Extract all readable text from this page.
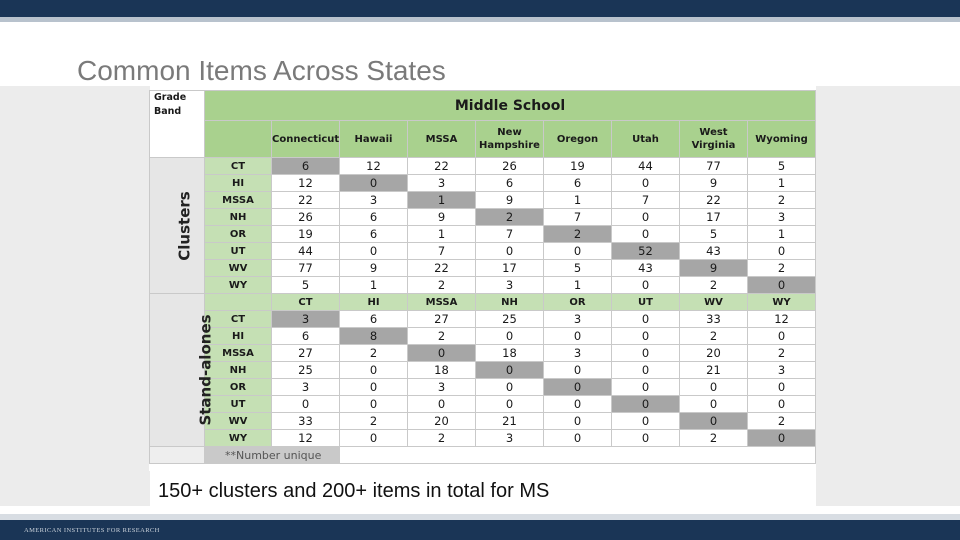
Common Items Across States
Grade Band	Middle School								
		Connecticut	Hawaii	MSSA	New Hampshire	Oregon	Utah	West Virginia	Wyoming
Clusters	CT	6	12	22	26	19	44	77	5
	HI	12	0	3	6	6	0	9	1
	MSSA	22	3	1	9	1	7	22	2
	NH	26	6	9	2	7	0	17	3
	OR	19	6	1	7	2	0	5	1
	UT	44	0	7	0	0	52	43	0
	WV	77	9	22	17	5	43	9	2
	WY	5	1	2	3	1	0	2	0
Stand-alones		CT	HI	MSSA	NH	OR	UT	WV	WY
	CT	3	6	27	25	3	0	33	12
	HI	6	8	2	0	0	0	2	0
	MSSA	27	2	0	18	3	0	20	2
	NH	25	0	18	0	0	0	21	3
	OR	3	0	3	0	0	0	0	0
	UT	0	0	0	0	0	0	0	0
	WV	33	2	20	21	0	0	0	2
	WY	12	0	2	3	0	0	2	0
	**Number unique								
150+ clusters and 200+ items in total for MS
AMERICAN INSTITUTES FOR RESEARCH
